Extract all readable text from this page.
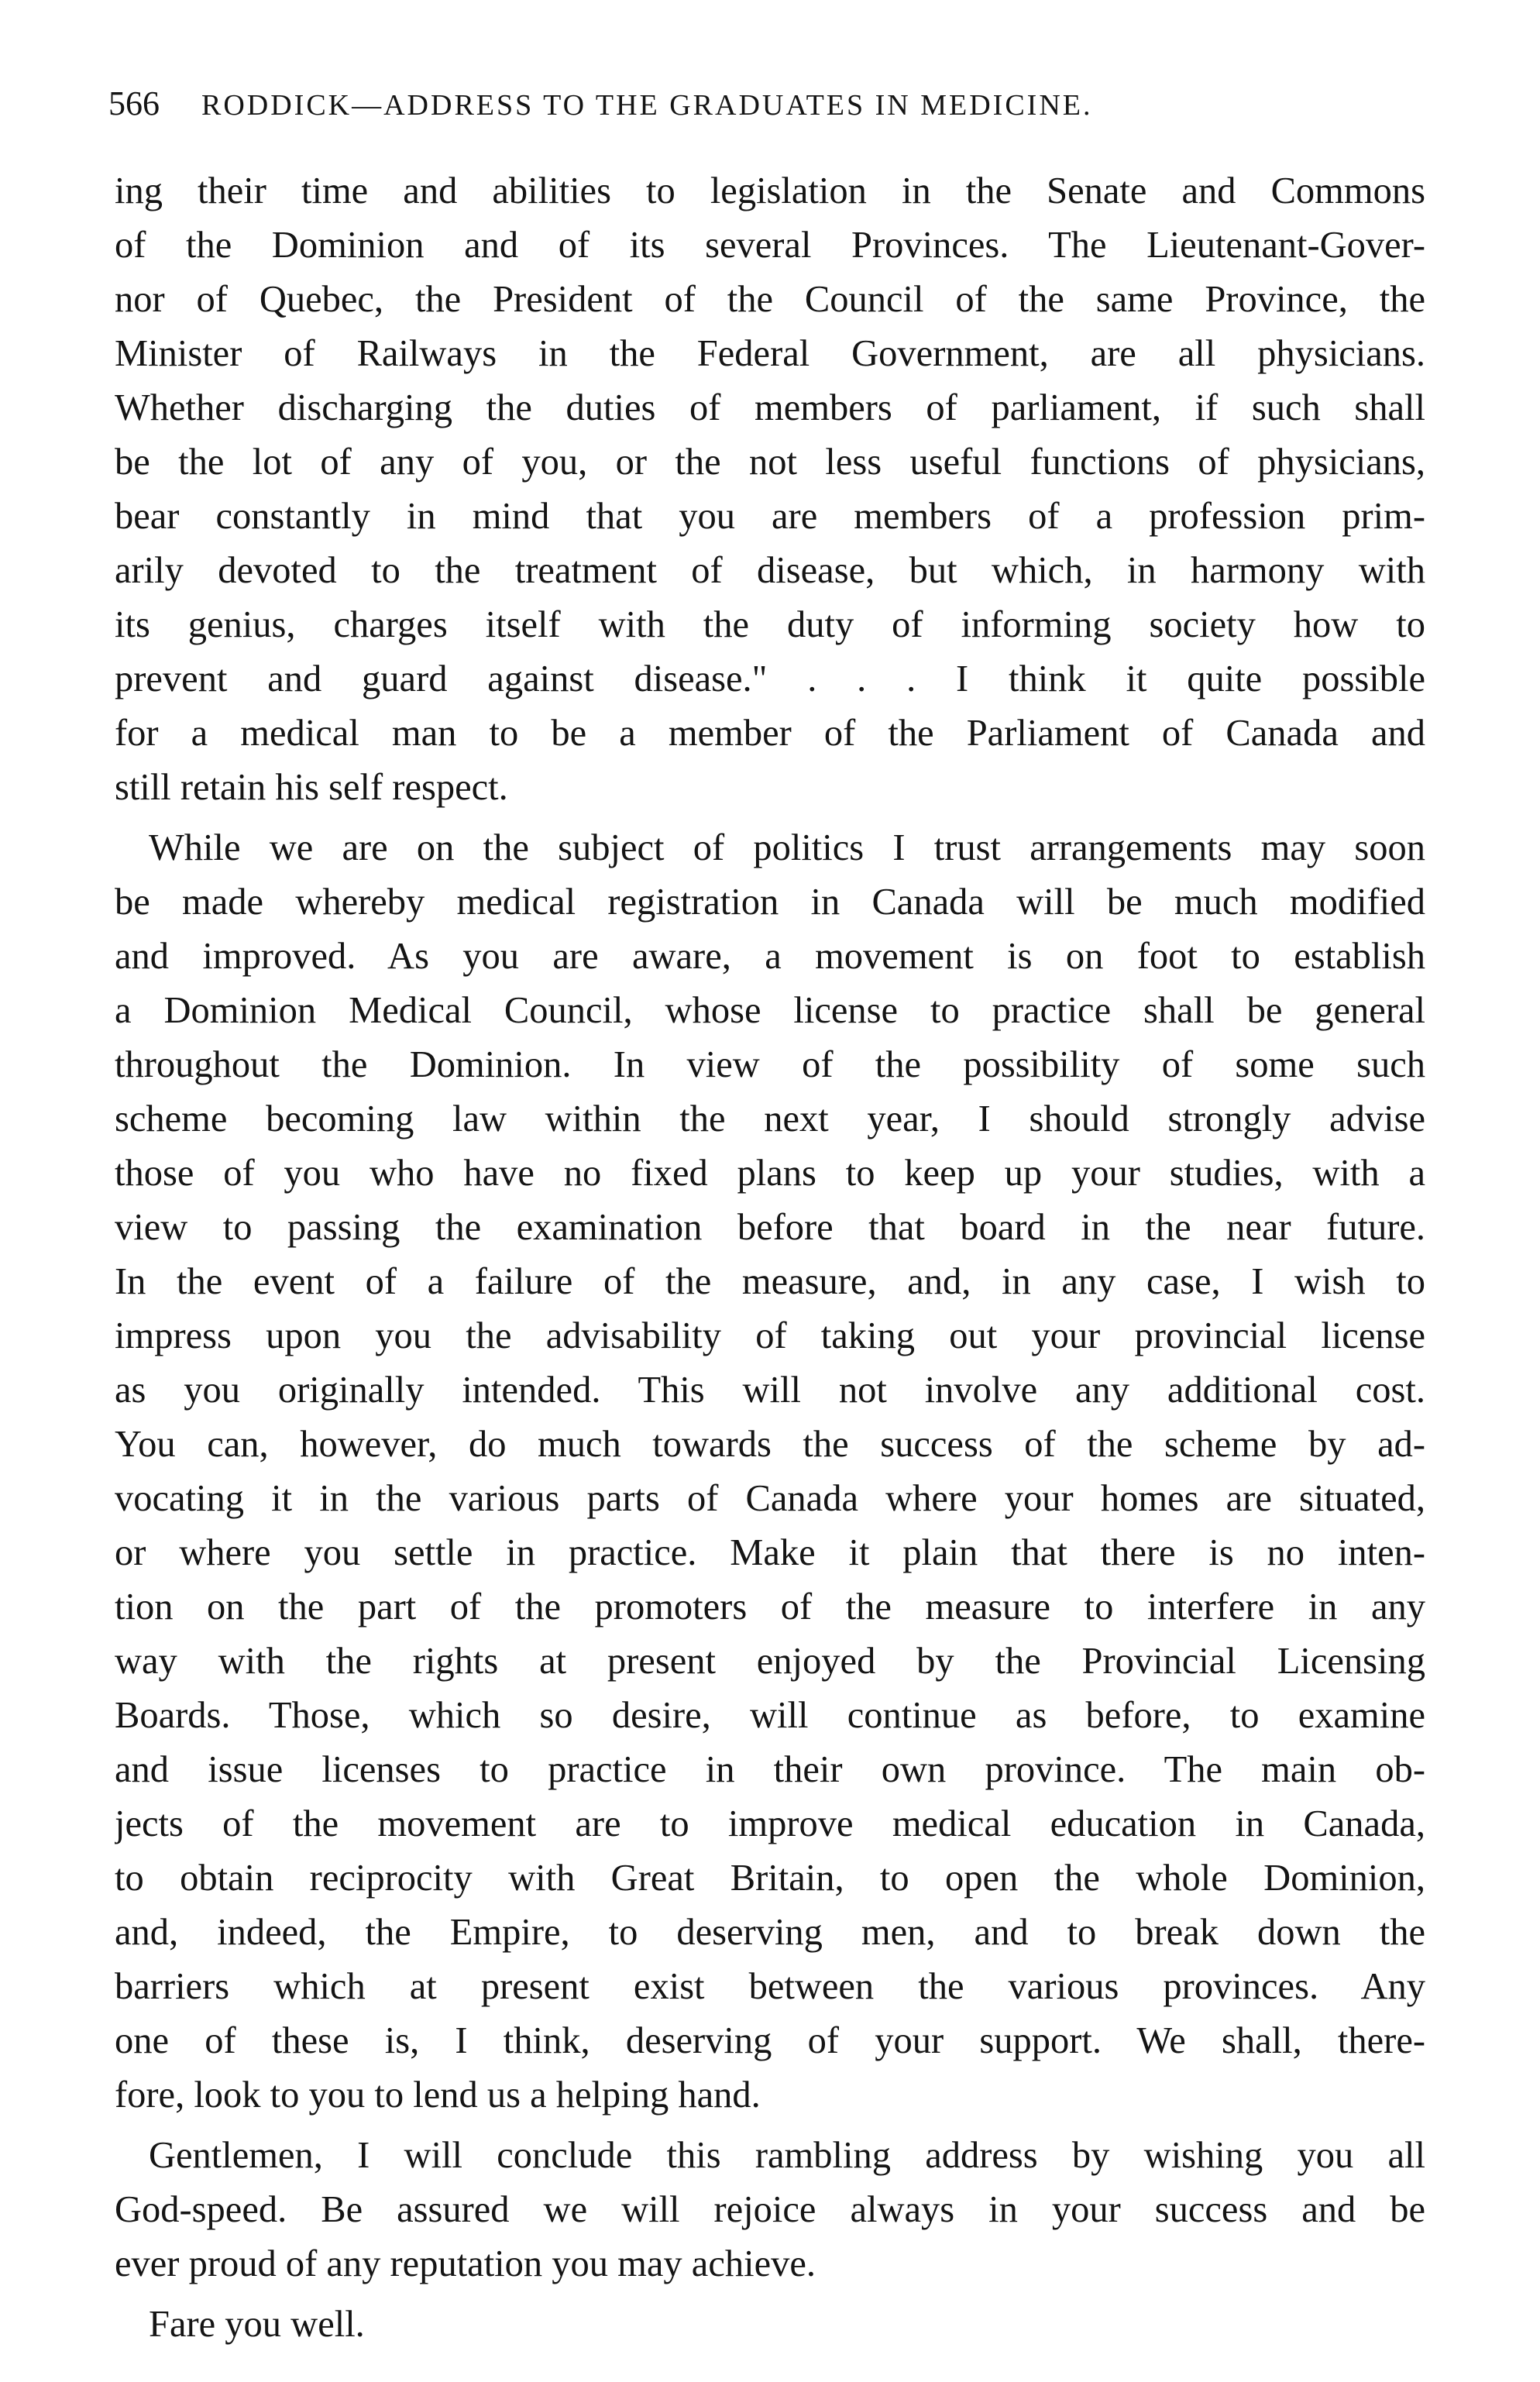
566 RODDICK—ADDRESS TO THE GRADUATES IN MEDICINE.
ing their time and abilities to legislation in the Senate and Commons
of the Dominion and of its several Provinces. The Lieutenant-Gover-
nor of Quebec, the President of the Council of the same Province, the
Minister of Railways in the Federal Government, are all physicians.
Whether discharging the duties of members of parliament, if such shall
be the lot of any of you, or the not less useful functions of physicians,
bear constantly in mind that you are members of a profession prim-
arily devoted to the treatment of disease, but which, in harmony with
its genius, charges itself with the duty of informing society how to
prevent and guard against disease." . . . I think it quite possible
for a medical man to be a member of the Parliament of Canada and
still retain his self respect.
While we are on the subject of politics I trust arrangements may soon
be made whereby medical registration in Canada will be much modified
and improved. As you are aware, a movement is on foot to establish
a Dominion Medical Council, whose license to practice shall be general
throughout the Dominion. In view of the possibility of some such
scheme becoming law within the next year, I should strongly advise
those of you who have no fixed plans to keep up your studies, with a
view to passing the examination before that board in the near future.
In the event of a failure of the measure, and, in any case, I wish to
impress upon you the advisability of taking out your provincial license
as you originally intended. This will not involve any additional cost.
You can, however, do much towards the success of the scheme by ad-
vocating it in the various parts of Canada where your homes are situated,
or where you settle in practice. Make it plain that there is no inten-
tion on the part of the promoters of the measure to interfere in any
way with the rights at present enjoyed by the Provincial Licensing
Boards. Those, which so desire, will continue as before, to examine
and issue licenses to practice in their own province. The main ob-
jects of the movement are to improve medical education in Canada,
to obtain reciprocity with Great Britain, to open the whole Dominion,
and, indeed, the Empire, to deserving men, and to break down the
barriers which at present exist between the various provinces. Any
one of these is, I think, deserving of your support. We shall, there-
fore, look to you to lend us a helping hand.
Gentlemen, I will conclude this rambling address by wishing you all
God-speed. Be assured we will rejoice always in your success and be
ever proud of any reputation you may achieve.
Fare you well.
